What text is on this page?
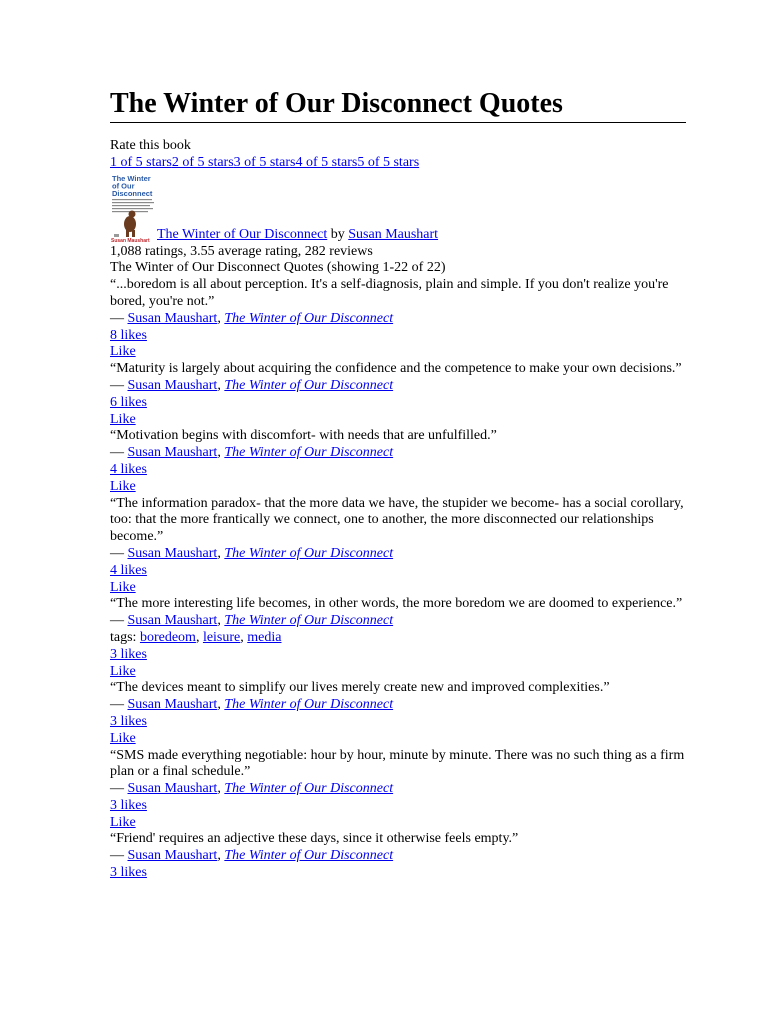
The Winter of Our Disconnect Quotes
Rate this book
1 of 5 stars2 of 5 stars3 of 5 stars4 of 5 stars5 of 5 stars
The Winter
of Our
Disconnect
Susan Maushart The Winter of Our Disconnect by Susan Maushart
1,088 ratings, 3.55 average rating, 282 reviews
The Winter of Our Disconnect Quotes (showing 1-22 of 22)
“...boredom is all about perception. It's a self-diagnosis, plain and simple. If you don't realize you're bored, you're not.”
― Susan Maushart, The Winter of Our Disconnect
8 likes
Like
“Maturity is largely about acquiring the confidence and the competence to make your own decisions.”
― Susan Maushart, The Winter of Our Disconnect
6 likes
Like
“Motivation begins with discomfort- with needs that are unfulfilled.”
― Susan Maushart, The Winter of Our Disconnect
4 likes
Like
“The information paradox- that the more data we have, the stupider we become- has a social corollary, too: that the more frantically we connect, one to another, the more disconnected our relationships become.”
― Susan Maushart, The Winter of Our Disconnect
4 likes
Like
“The more interesting life becomes, in other words, the more boredom we are doomed to experience.”
― Susan Maushart, The Winter of Our Disconnect
tags: boredeom, leisure, media
3 likes
Like
“The devices meant to simplify our lives merely create new and improved complexities.”
― Susan Maushart, The Winter of Our Disconnect
3 likes
Like
“SMS made everything negotiable: hour by hour, minute by minute. There was no such thing as a firm plan or a final schedule.”
― Susan Maushart, The Winter of Our Disconnect
3 likes
Like
“Friend' requires an adjective these days, since it otherwise feels empty.”
― Susan Maushart, The Winter of Our Disconnect
3 likes
